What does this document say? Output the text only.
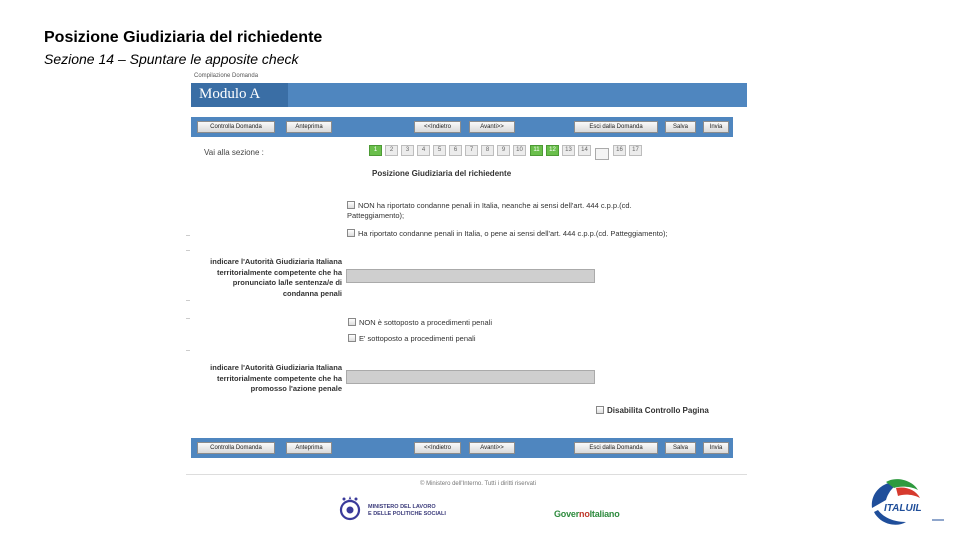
Posizione Giudiziaria del richiedente
Sezione 14 – Spuntare le apposite check
Compilazione Domanda
Modulo A
Controlla Domanda	Anteprima	<<Indietro	Avanti>>	Esci dalla Domanda	Salva	Invia
Vai alla sezione :	1	2	3	4	5	6	7	8	9	10	11	12	13	14	16	17
Posizione Giudiziaria del richiedente
NON ha riportato condanne penali in Italia, neanche ai sensi dell'art. 444 c.p.p.(cd.
Patteggiamento);
Ha riportato condanne penali in Italia, o pene ai sensi dell'art. 444 c.p.p.(cd. Patteggiamento);
indicare l'Autorità Giudiziaria Italiana
territorialmente competente che ha
pronunciato la/le sentenza/e di
condanna penali
NON è sottoposto a procedimenti penali
E' sottoposto a procedimenti penali
indicare l'Autorità Giudiziaria Italiana
territorialmente competente che ha
promosso l'azione penale
Disabilita Controllo Pagina
Controlla Domanda	Anteprima	<<Indietro	Avanti>>	Esci dalla Domanda	Salva	Invia
© Ministero dell'Interno. Tutti i diritti riservati
MINISTERO DEL LAVORO
E DELLE POLITICHE SOCIALI	GovernoItaliano	ITALUIL
